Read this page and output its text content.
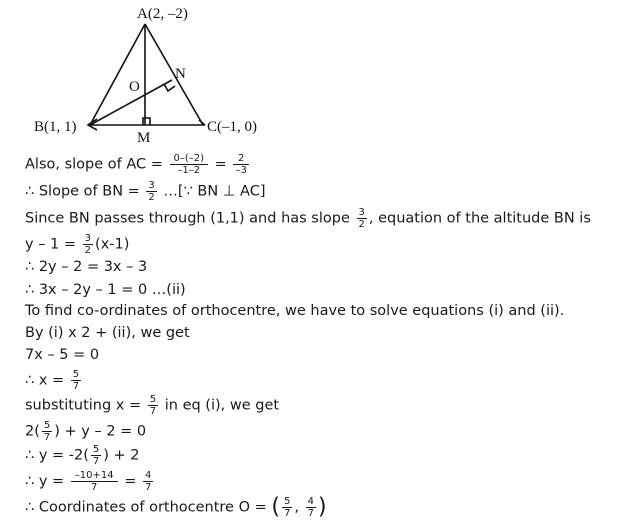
A(2, –2)
B(1, 1)	C(–1, 0)
O
N
M
Also, slope of AC = $\frac{0-(-2)}{-1-2} = \frac{2}{-3}$
∴ Slope of BN = $\frac{3}{2}$ …[∵ BN ⊥ AC]
Since BN passes through (1,1) and has slope $\frac{3}{2}$ , equation of the altitude BN is
$y - 1 = \frac{3}{2} (x-1)$
∴ 2y – 2 = 3x – 3
∴ 3x – 2y – 1 = 0 …(ii)
To find co-ordinates of orthocentre, we have to solve equations (i) and (ii).
By (i) x 2 + (ii), we get
7x – 5 = 0
∴ $x = \frac{5}{7}$
substituting $x = \frac{5}{7}$ in eq (i), we get
$2( \frac{5}{7}$ ) + y – 2 = 0
∴ $y = -2( \frac{5}{7}$ ) + 2
∴ $y = \frac{-10+14}{7} = \frac{4}{7}$
∴ Coordinates of orthocentre O = ( $\frac{5}{7}$ , $\frac{4}{7}$ )
